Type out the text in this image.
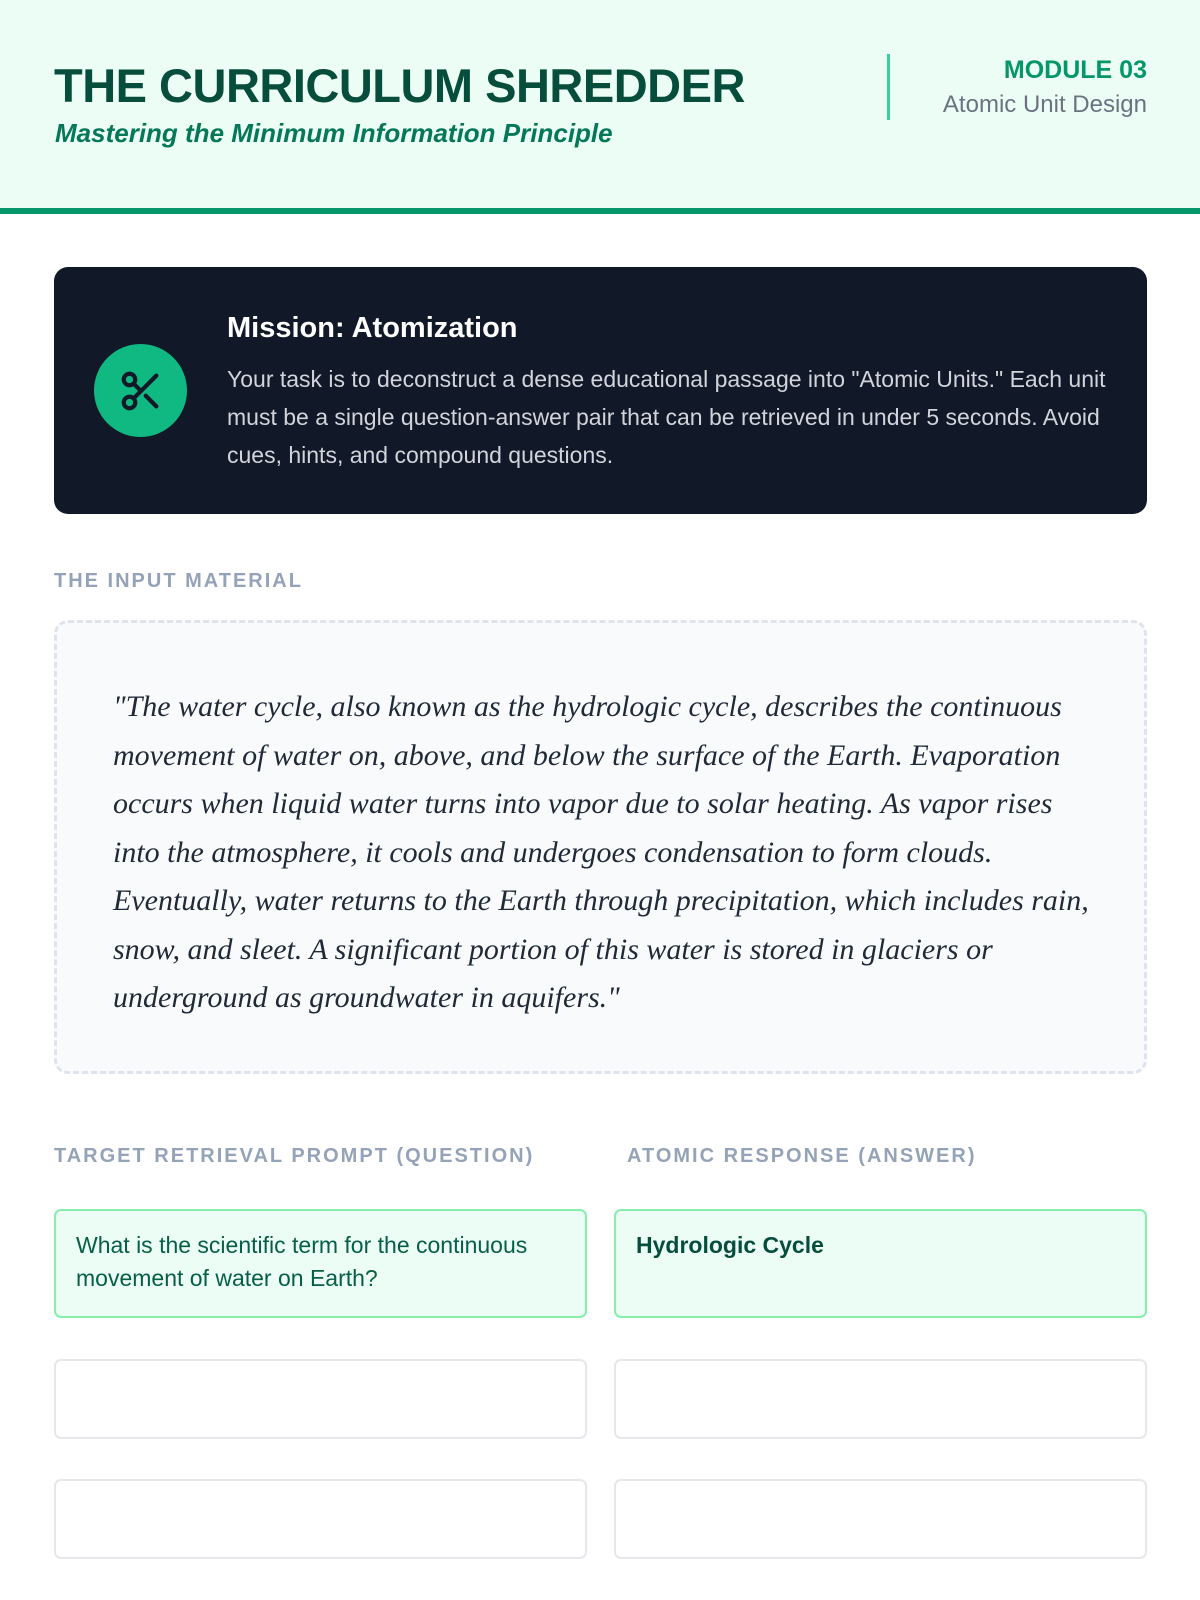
THE CURRICULUM SHREDDER
Mastering the Minimum Information Principle
MODULE 03
Atomic Unit Design
Mission: Atomization
Your task is to deconstruct a dense educational passage into "Atomic Units." Each unit must be a single question-answer pair that can be retrieved in under 5 seconds. Avoid cues, hints, and compound questions.
THE INPUT MATERIAL

"The water cycle, also known as the hydrologic cycle, describes the continuous movement of water on, above, and below the surface of the Earth. Evaporation occurs when liquid water turns into vapor due to solar heating. As vapor rises into the atmosphere, it cools and undergoes condensation to form clouds. Eventually, water returns to the Earth through precipitation, which includes rain, snow, and sleet. A significant portion of this water is stored in glaciers or underground as groundwater in aquifers."

TARGET RETRIEVAL PROMPT (QUESTION)	ATOMIC RESPONSE (ANSWER)
What is the scientific term for the continuous movement of water on Earth?
Hydrologic Cycle
